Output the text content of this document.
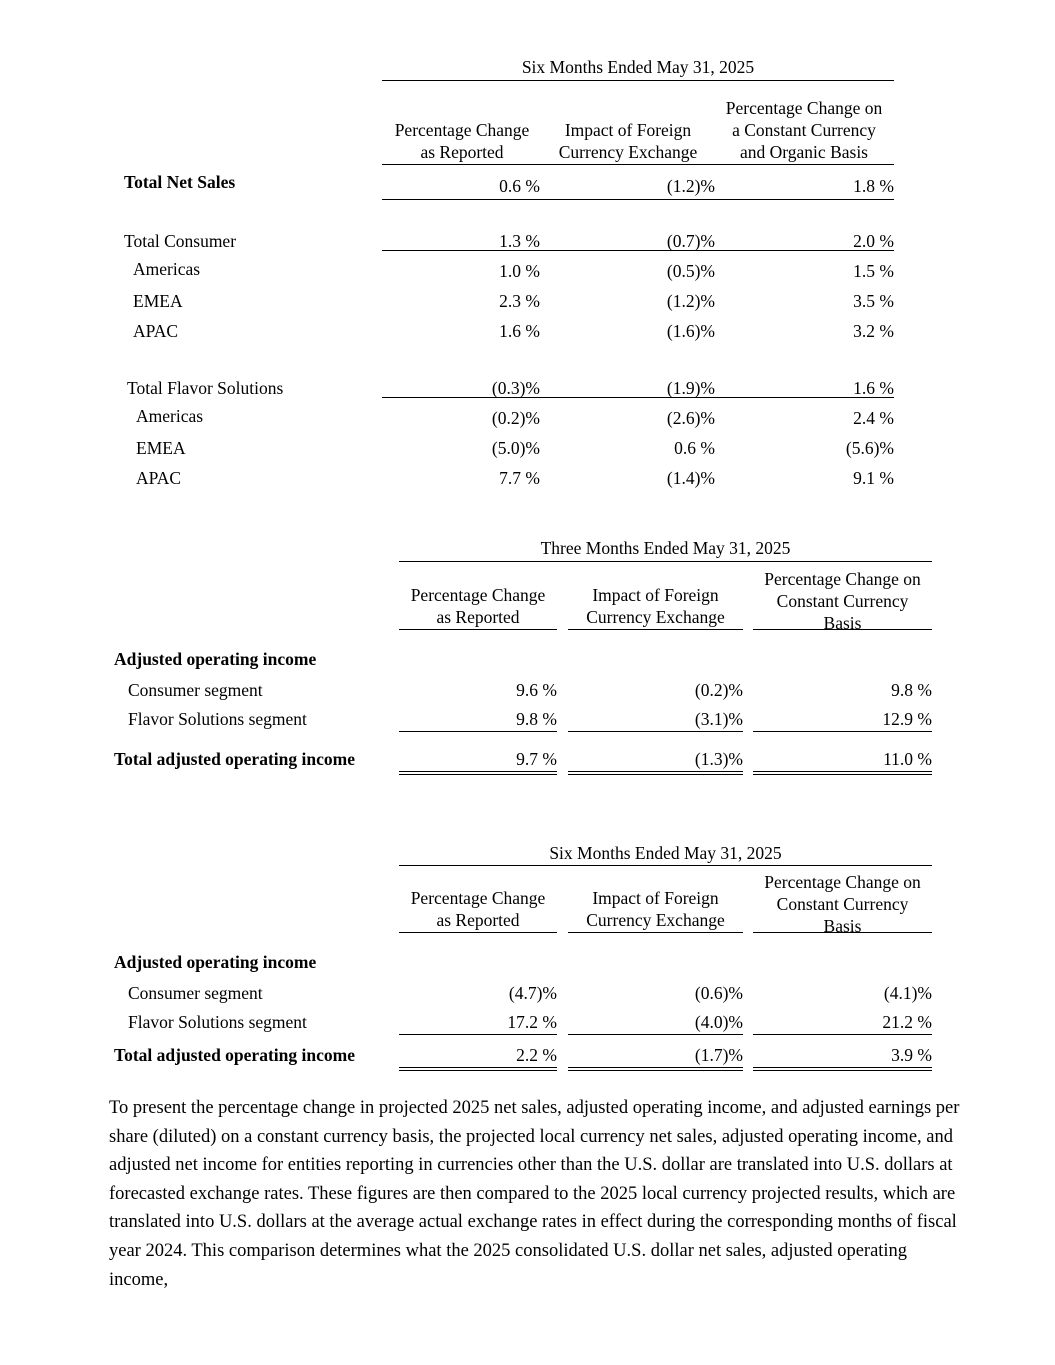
Six Months Ended May 31, 2025
Percentage Change
as Reported
Impact of Foreign
Currency Exchange
Percentage Change on
a Constant Currency
and Organic Basis
Total Net Sales	0.6 %	(1.2)%	1.8 %
Total Consumer	1.3 %	(0.7)%	2.0 %
Americas	1.0 %	(0.5)%	1.5 %
EMEA	2.3 %	(1.2)%	3.5 %
APAC	1.6 %	(1.6)%	3.2 %
Total Flavor Solutions	(0.3)%	(1.9)%	1.6 %
Americas	(0.2)%	(2.6)%	2.4 %
EMEA	(5.0)%	0.6 %	(5.6)%
APAC	7.7 %	(1.4)%	9.1 %
Three Months Ended May 31, 2025
Percentage Change
as Reported
Impact of Foreign
Currency Exchange
Percentage Change on
Constant Currency
Basis
Adjusted operating income
Consumer segment	9.6 %	(0.2)%	9.8 %
Flavor Solutions segment	9.8 %	(3.1)%	12.9 %
Total adjusted operating income	9.7 %	(1.3)%	11.0 %
Six Months Ended May 31, 2025
Percentage Change
as Reported
Impact of Foreign
Currency Exchange
Percentage Change on
Constant Currency
Basis
Adjusted operating income
Consumer segment	(4.7)%	(0.6)%	(4.1)%
Flavor Solutions segment	17.2 %	(4.0)%	21.2 %
Total adjusted operating income	2.2 %	(1.7)%	3.9 %
To present the percentage change in projected 2025 net sales, adjusted operating income, and adjusted earnings per share (diluted) on a constant currency basis, the projected local currency net sales, adjusted operating income, and adjusted net income for entities reporting in currencies other than the U.S. dollar are translated into U.S. dollars at forecasted exchange rates. These figures are then compared to the 2025 local currency projected results, which are translated into U.S. dollars at the average actual exchange rates in effect during the corresponding months of fiscal year 2024. This comparison determines what the 2025 consolidated U.S. dollar net sales, adjusted operating income,
